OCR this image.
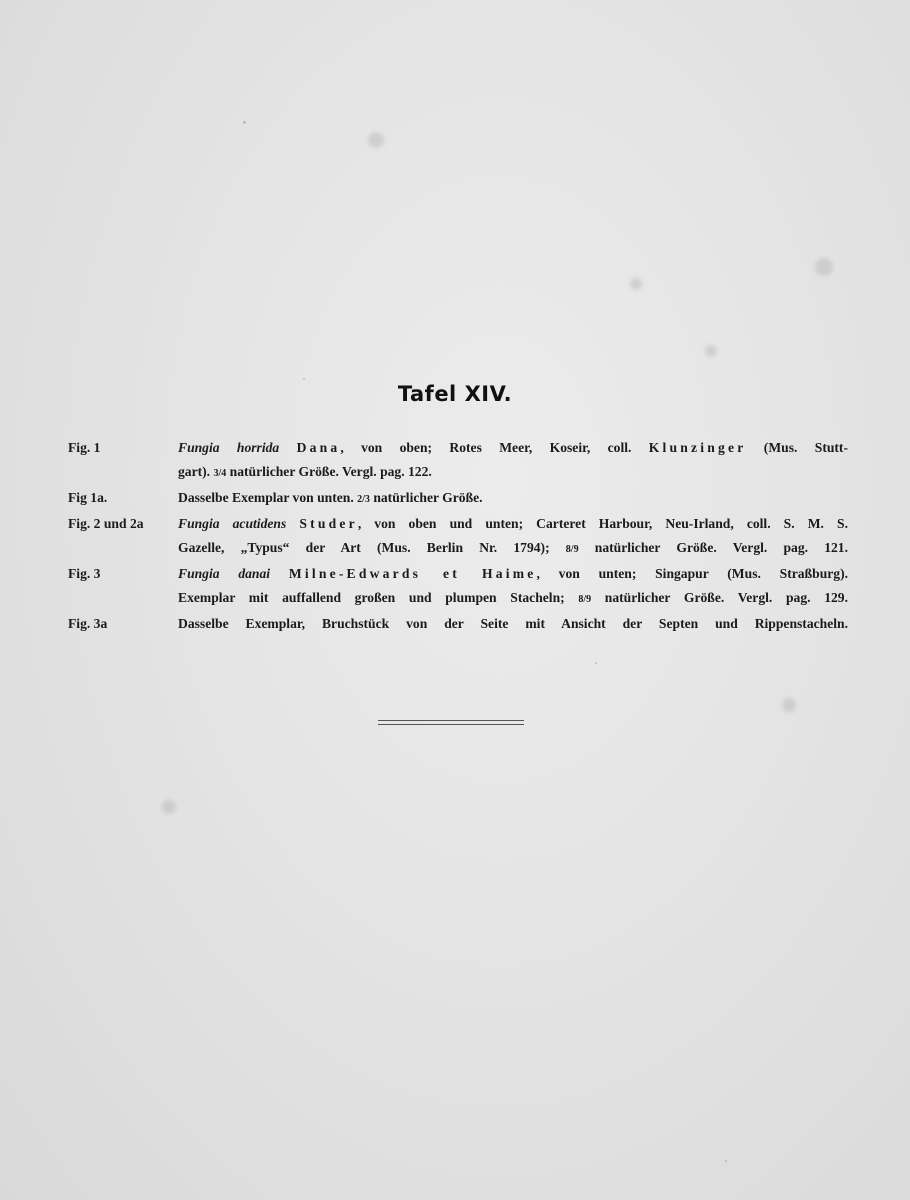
Tafel XIV.
Fig. 1	Fungia horrida Dana, von oben; Rotes Meer, Koseir, coll. Klunzinger (Mus. Stutt-
gart). 3/4 natürlicher Größe. Vergl. pag. 122.
Fig 1a.	Dasselbe Exemplar von unten. 2/3 natürlicher Größe.
Fig. 2 und 2a	Fungia acutidens Studer, von oben und unten; Carteret Harbour, Neu-Irland, coll. S. M. S.
Gazelle, „Typus“ der Art (Mus. Berlin Nr. 1794); 8/9 natürlicher Größe. Vergl. pag. 121.
Fig. 3	Fungia danai Milne-Edwards et Haime, von unten; Singapur (Mus. Straßburg).
Exemplar mit auffallend großen und plumpen Stacheln; 8/9 natürlicher Größe. Vergl. pag. 129.
Fig. 3a	Dasselbe Exemplar, Bruchstück von der Seite mit Ansicht der Septen und Rippenstacheln.
